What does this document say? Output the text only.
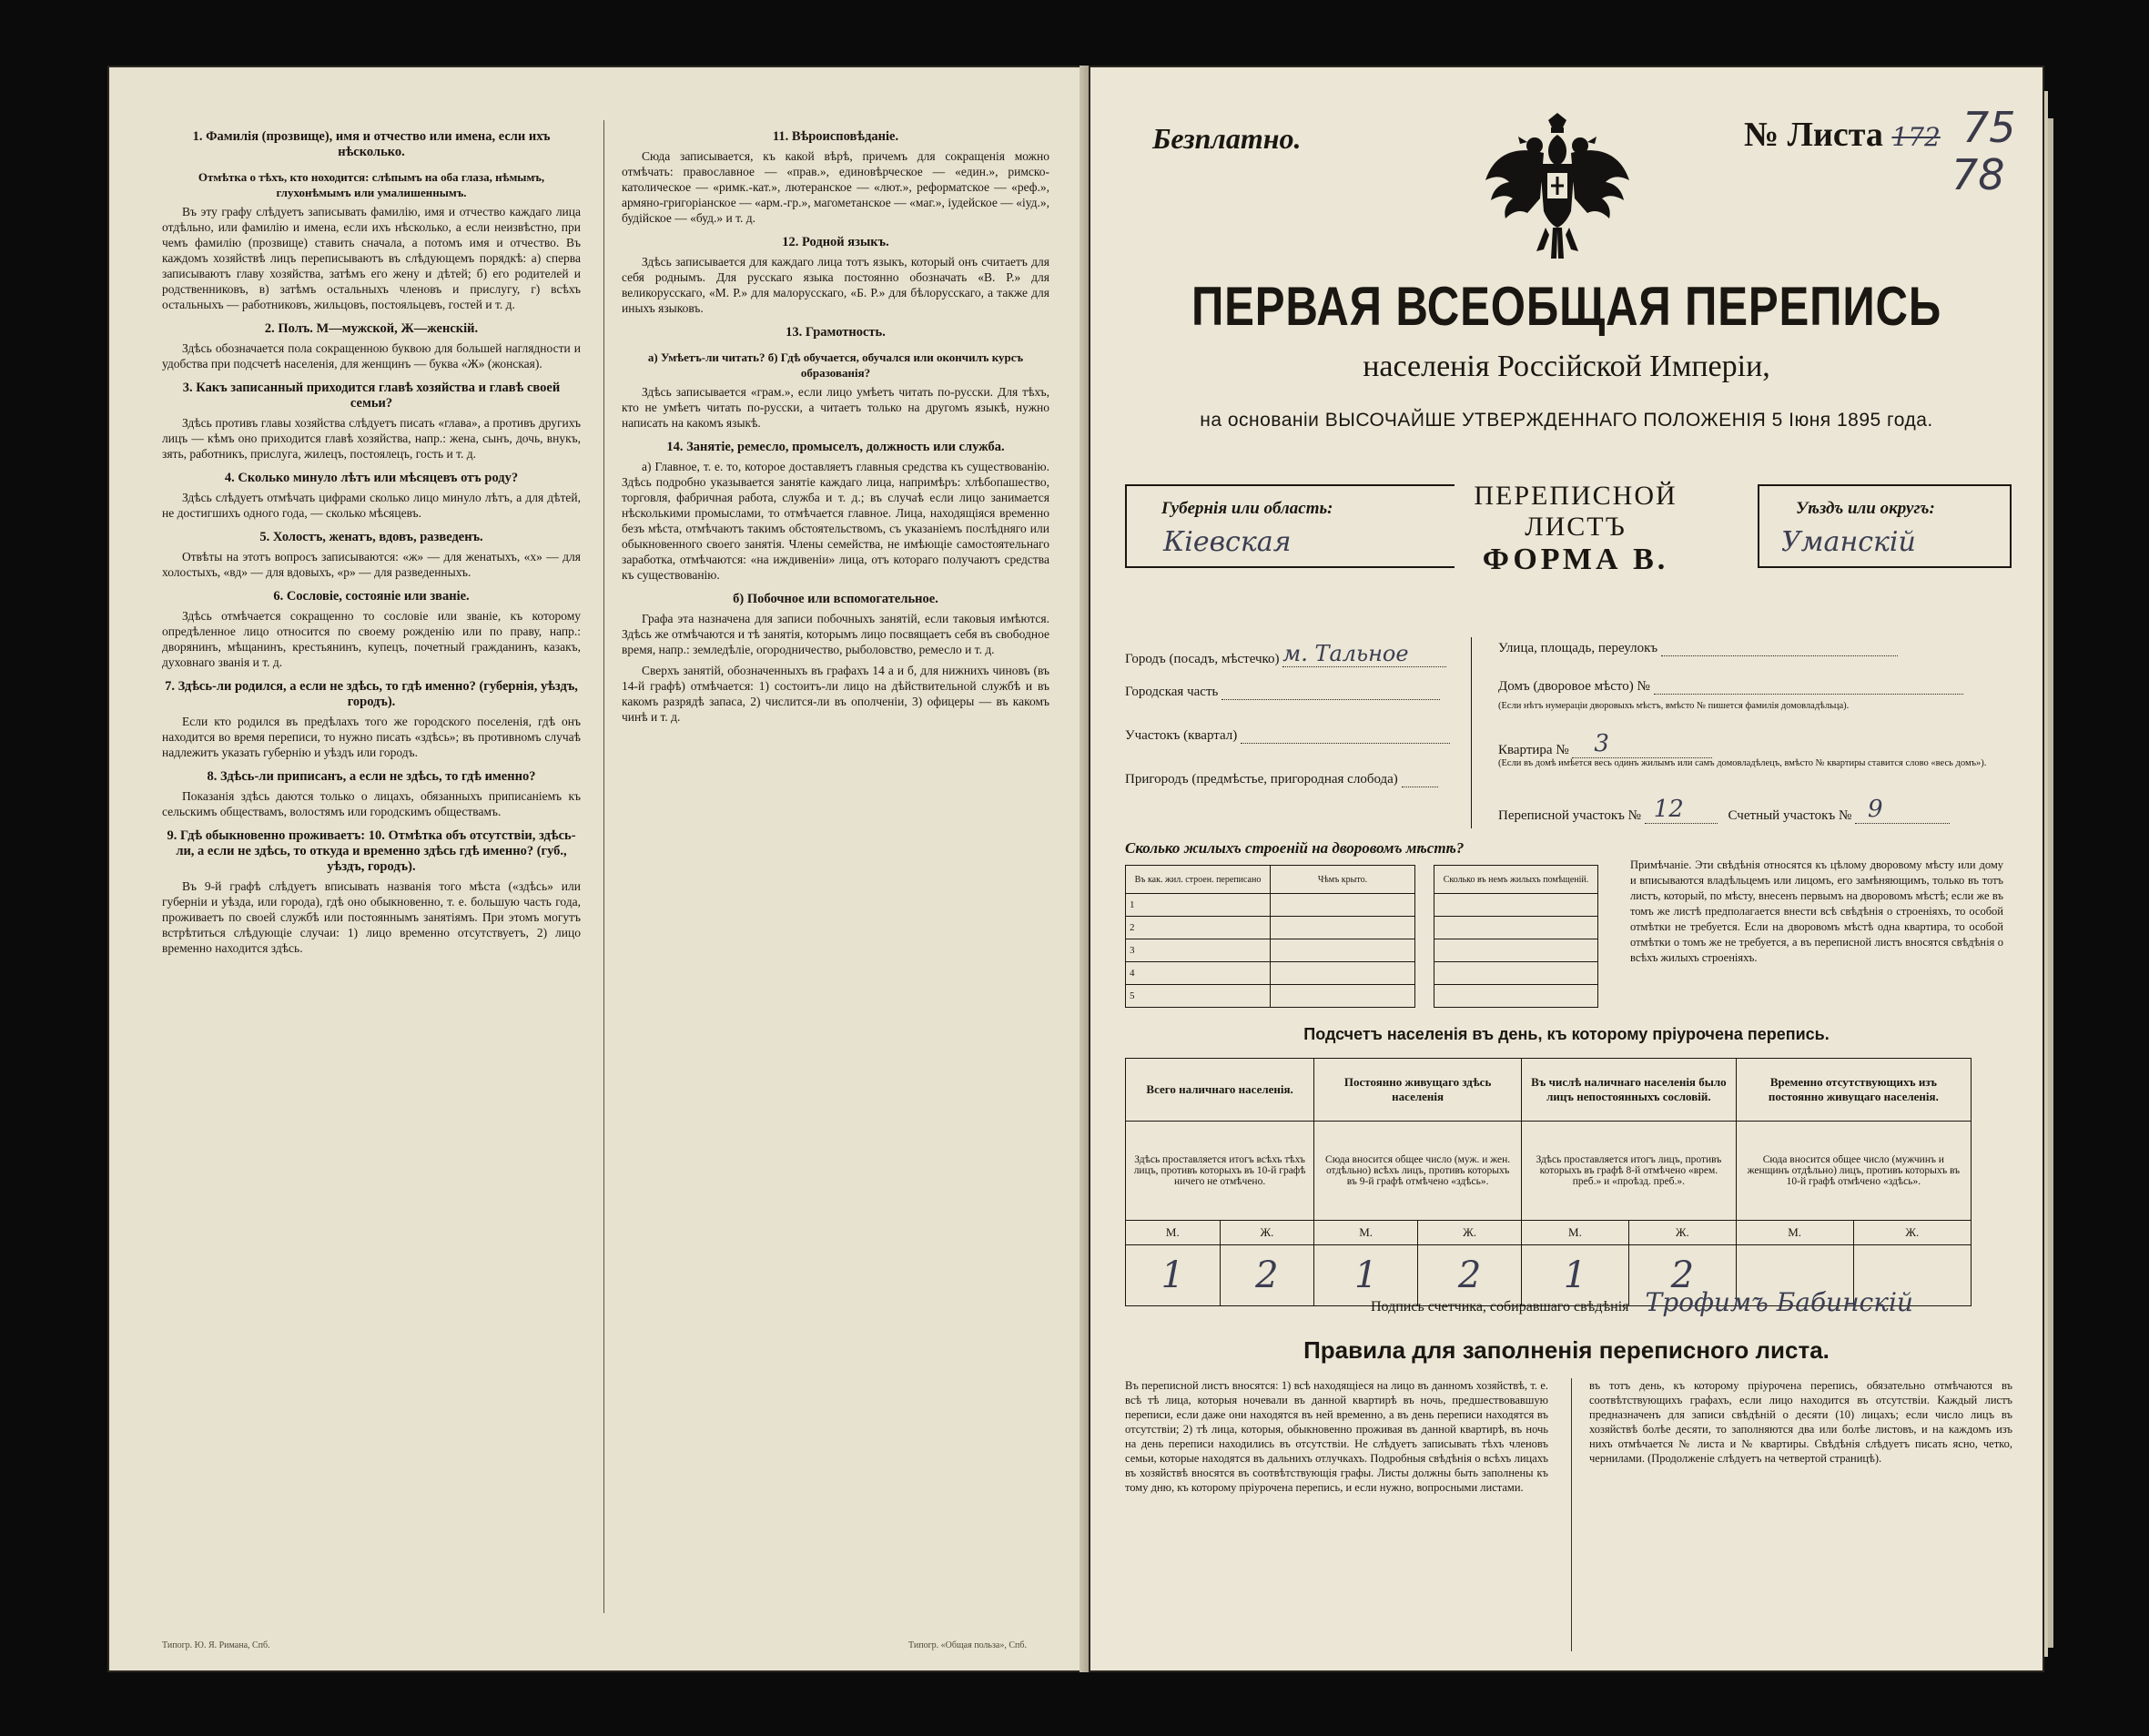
1. Фамилія (прозвище), имя и отчество или имена, если ихъ нѣсколько.
Отмѣтка о тѣхъ, кто ноходится: слѣпымъ на оба глаза, нѣмымъ, глухонѣмымъ или умалишеннымъ.

Въ эту графу слѣдуетъ записывать фамилію, имя и отчество каждаго лица отдѣльно, или фамилію и имена, если ихъ нѣсколько, а если неизвѣстно, при чемъ фамилію (прозвище) ставить сначала, а потомъ имя и отчество. Въ каждомъ хозяйствѣ лицъ переписываютъ въ слѣдующемъ порядкѣ: а) сперва записываютъ главу хозяйства, затѣмъ его жену и дѣтей; б) его родителей и родственниковъ, в) затѣмъ остальныхъ членовъ и прислугу, г) всѣхъ остальныхъ — работниковъ, жильцовъ, постояльцевъ, гостей и т. д.

2. Полъ. М—мужской, Ж—женскій.

Здѣсь обозначается пола сокращенною буквою для большей наглядности и удобства при подсчетѣ населенія, для женщинъ — буква «Ж» (жонская).

3. Какъ записанный приходится главѣ хозяйства и главѣ своей семьи?

Здѣсь противъ главы хозяйства слѣдуетъ писать «глава», а противъ другихъ лицъ — кѣмъ оно приходится главѣ хозяйства, напр.: жена, сынъ, дочь, внукъ, зять, работникъ, прислуга, жилецъ, постоялецъ, гость и т. д.

4. Сколько минуло лѣтъ или мѣсяцевъ отъ роду?

Здѣсь слѣдуетъ отмѣчать цифрами сколько лицо минуло лѣтъ, а для дѣтей, не достигшихъ одного года, — сколько мѣсяцевъ.

5. Холостъ, женатъ, вдовъ, разведенъ.

Отвѣты на этотъ вопросъ записываются: «ж» — для женатыхъ, «х» — для холостыхъ, «вд» — для вдовыхъ, «р» — для разведенныхъ.

6. Сословіе, состояніе или званіе.

Здѣсь отмѣчается сокращенно то сословіе или званіе, къ которому опредѣленное лицо относится по своему рожденію или по праву, напр.: дворянинъ, мѣщанинъ, крестьянинъ, купецъ, почетный гражданинъ, казакъ, духовнаго званія и т. д.

7. Здѣсь-ли родился, а если не здѣсь, то гдѣ именно? (губернія, уѣздъ, городъ).

Если кто родился въ предѣлахъ того же городского поселенія, гдѣ онъ находится во время переписи, то нужно писать «здѣсь»; въ противномъ случаѣ надлежитъ указать губернію и уѣздъ или городъ.

8. Здѣсь-ли приписанъ, а если не здѣсь, то гдѣ именно?

Показанія здѣсь даются только о лицахъ, обязанныхъ приписаніемъ къ сельскимъ обществамъ, волостямъ или городскимъ обществамъ.

9. Гдѣ обыкновенно проживаетъ: 10. Отмѣтка объ отсутствіи, здѣсь-ли, а если не здѣсь, то откуда и временно здѣсь гдѣ именно? (губ., уѣздъ, городъ).

Въ 9-й графѣ слѣдуетъ вписывать названія того мѣста («здѣсь» или губерніи и уѣзда, или города), гдѣ оно обыкновенно, т. е. большую часть года, проживаетъ по своей службѣ или постояннымъ занятіямъ. При этомъ могутъ встрѣтиться слѣдующіе случаи: 1) лицо временно отсутствуетъ, 2) лицо временно находится здѣсь.

11. Вѣроисповѣданіе.

Сюда записывается, къ какой вѣрѣ, причемъ для сокращенія можно отмѣчать: православное — «прав.», единовѣрческое — «един.», римско-католическое — «римк.-кат.», лютеранское — «лют.», реформатское — «реф.», армяно-григоріанское — «арм.-гр.», магометанское — «маг.», іудейское — «іуд.», будійское — «буд.» и т. д.

12. Родной языкъ.

Здѣсь записывается для каждаго лица тотъ языкъ, который онъ считаетъ для себя роднымъ. Для русскаго языка постоянно обозначать «В. Р.» для великорусскаго, «М. Р.» для малорусскаго, «Б. Р.» для бѣлорусскаго, а также для иныхъ языковъ.

13. Грамотность.
а) Умѣетъ-ли читать? б) Гдѣ обучается, обучался или окончилъ курсъ образованія?

Здѣсь записывается «грам.», если лицо умѣетъ читать по-русски. Для тѣхъ, кто не умѣетъ читать по-русски, а читаетъ только на другомъ языкѣ, нужно написать на какомъ языкѣ.

14. Занятіе, ремесло, промыселъ, должность или служба.

а) Главное, т. е. то, которое доставляетъ главныя средства къ существованію. Здѣсь подробно указывается занятіе каждаго лица, напримѣръ: хлѣбопашество, торговля, фабричная работа, служба и т. д.; въ случаѣ если лицо занимается нѣсколькими промыслами, то отмѣчается главное. Лица, находящіяся временно безъ мѣста, отмѣчаютъ такимъ обстоятельствомъ, съ указаніемъ послѣдняго или обыкновенного своего занятія. Члены семейства, не имѣющіе самостоятельнаго заработка, отмѣчаются: «на иждивеніи» лица, отъ котораго получаютъ средства къ существованію.

б) Побочное или вспомогательное.

Графа эта назначена для записи побочныхъ занятій, если таковыя имѣются. Здѣсь же отмѣчаются и тѣ занятія, которымъ лицо посвящаетъ себя въ свободное время, напр.: земледѣліе, огородничество, рыболовство, ремесло и т. д.

Сверхъ занятій, обозначенныхъ въ графахъ 14 а и б, для нижнихъ чиновъ (въ 14-й графѣ) отмѣчается: 1) состоитъ-ли лицо на дѣйствительной службѣ и въ какомъ разрядѣ запаса, 2) числится-ли въ ополченіи, 3) офицеры — въ какомъ чинѣ и т. д.

Типогр. Ю. Я. Римана, Спб.	Типогр. «Общая польза», Спб.
Безплатно.	№ Листа 172 75
78
ПЕРВАЯ ВСЕОБЩАЯ ПЕРЕПИСЬ
населенія Россійской Имперіи,
на основаніи ВЫСОЧАЙШЕ УТВЕРЖДЕННАГО ПОЛОЖЕНІЯ 5 Іюня 1895 года.
Губернія или область:
Кіевская
ПЕРЕПИСНОЙ ЛИСТЪ
ФОРМА В.
Уѣздъ или округъ:
Уманскій
Городъ (посадъ, мѣстечко) м. Тальное
Городская часть
Участокъ (квартал)
Пригородъ (предмѣстье, пригородная слобода)
Улица, площадь, переулокъ
Домъ (дворовое мѣсто) №
(Если нѣтъ нумераціи дворовыхъ мѣстъ, вмѣсто № пишется фамилія домовладѣльца).
Квартира № 3
(Если въ домѣ имѣется весь одинъ жилымъ или самъ домовладѣлецъ, вмѣсто № квартиры ставится слово «весь домъ»).
Переписной участокъ № 12	Счетный участокъ № 9
Сколько жилыхъ строеній на дворовомъ мѣстѣ?
Въ как. жил. строен. переписано	Чѣмъ крыто.		Сколько въ немъ жилыхъ помѣщеній.
1			
2			
3			
4			
5			
Примѣчаніе. Эти свѣдѣнія относятся къ цѣлому дворовому мѣсту или дому и вписываются владѣльцемъ или лицомъ, его замѣняющимъ, только въ тотъ листъ, который, по мѣсту, внесенъ первымъ на дворовомъ мѣстѣ; если же въ томъ же листѣ предполагается внести всѣ свѣдѣнія о строеніяхъ, то особой отмѣтки не требуется. Если на дворовомъ мѣстѣ одна квартира, то особой отмѣтки о томъ же не требуется, а въ переписной листъ вносятся свѣдѣнія о всѣхъ жилыхъ строеніяхъ.
Подсчетъ населенія въ день, къ которому пріурочена перепись.
Всего наличнаго населенія.		Постоянно живущаго здѣсь населенія		Въ числѣ наличнаго населенія было лицъ непостоянныхъ сословій.		Временно отсутствующихъ изъ постоянно живущаго населенія.	
Здѣсь проставляется итогъ всѣхъ тѣхъ лицъ, противъ которыхъ въ 10-й графѣ ничего не отмѣчено.		Сюда вносится общее число (муж. и жен. отдѣльно) всѣхъ лицъ, противъ которыхъ въ 9-й графѣ отмѣчено «здѣсь».		Здѣсь проставляется итогъ лицъ, противъ которыхъ въ графѣ 8-й отмѣчено «врем. преб.» и «проѣзд. преб.».		Сюда вносится общее число (мужчинъ и женщинъ отдѣльно) лицъ, противъ которыхъ въ 10-й графѣ отмѣчено «здѣсь».	
М.	Ж.	М.	Ж.	М.	Ж.	М.	Ж.
1	2	1	2	1	2		
Подпись счетчика, собиравшаго свѣдѣнія Трофимъ Бабинскій
Правила для заполненія переписного листа.
Въ переписной листъ вносятся: 1) всѣ находящіеся на лицо въ данномъ хозяйствѣ, т. е. всѣ тѣ лица, которыя ночевали въ данной квартирѣ въ ночь, предшествовавшую переписи, если даже они находятся въ ней временно, а въ день переписи находятся въ отсутствіи; 2) тѣ лица, которыя, обыкновенно проживая въ данной квартирѣ, въ ночь на день переписи находились въ отсутствіи. Не слѣдуетъ записывать тѣхъ членовъ семьи, которые находятся въ дальнихъ отлучкахъ. Подробныя свѣдѣнія о всѣхъ лицахъ въ хозяйствѣ вносятся въ соотвѣтствующія графы. Листы должны быть заполнены къ тому дню, къ которому пріурочена перепись, и если нужно, вопросными листами.
въ тотъ день, къ которому пріурочена перепись, обязательно отмѣчаются въ соотвѣтствующихъ графахъ, если лицо находится въ отсутствіи. Каждый листъ предназначенъ для записи свѣдѣній о десяти (10) лицахъ; если число лицъ въ хозяйствѣ болѣе десяти, то заполняются два или болѣе листовъ, и на каждомъ изъ нихъ отмѣчается № листа и № квартиры. Свѣдѣнія слѣдуетъ писать ясно, четко, чернилами. (Продолженіе слѣдуетъ на четвертой страницѣ).
